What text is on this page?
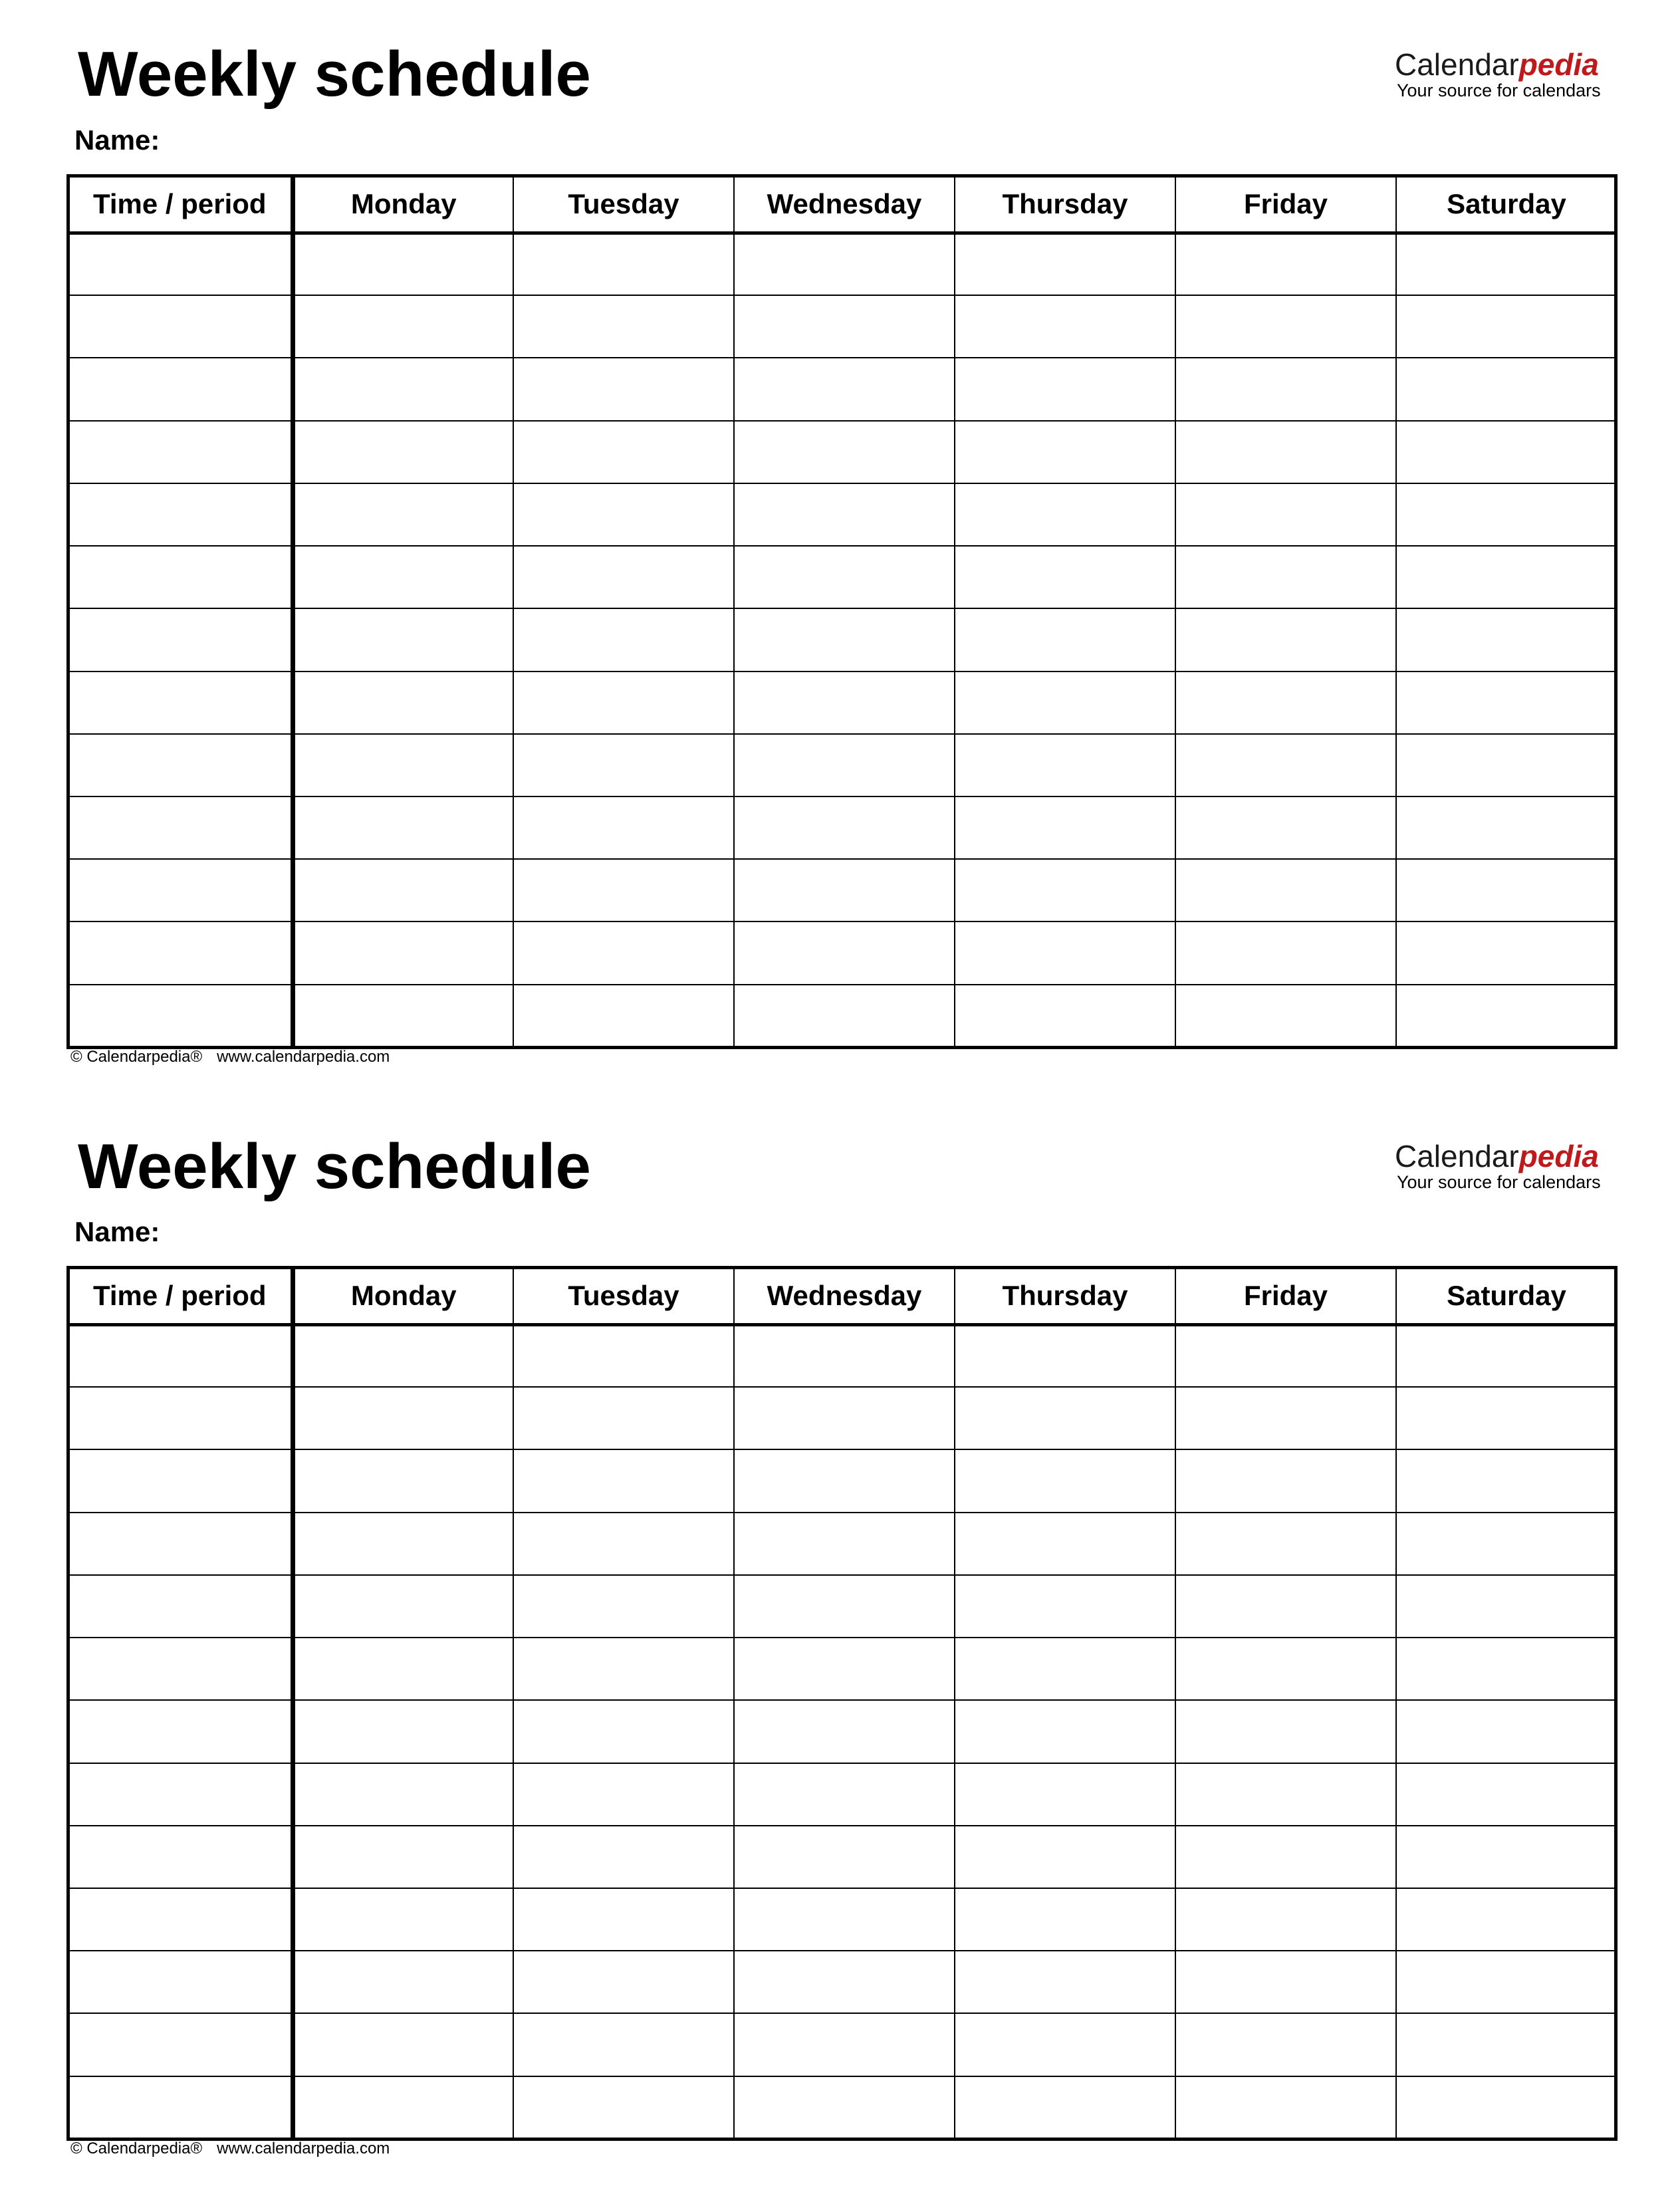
Weekly schedule	Calendarpedia
Your source for calendars
Name:
Time / period	Monday	Tuesday	Wednesday	Thursday	Friday	Saturday

© Calendarpedia® www.calendarpedia.com
Weekly schedule	Calendarpedia
Your source for calendars
Name:
Time / period	Monday	Tuesday	Wednesday	Thursday	Friday	Saturday

© Calendarpedia® www.calendarpedia.com
